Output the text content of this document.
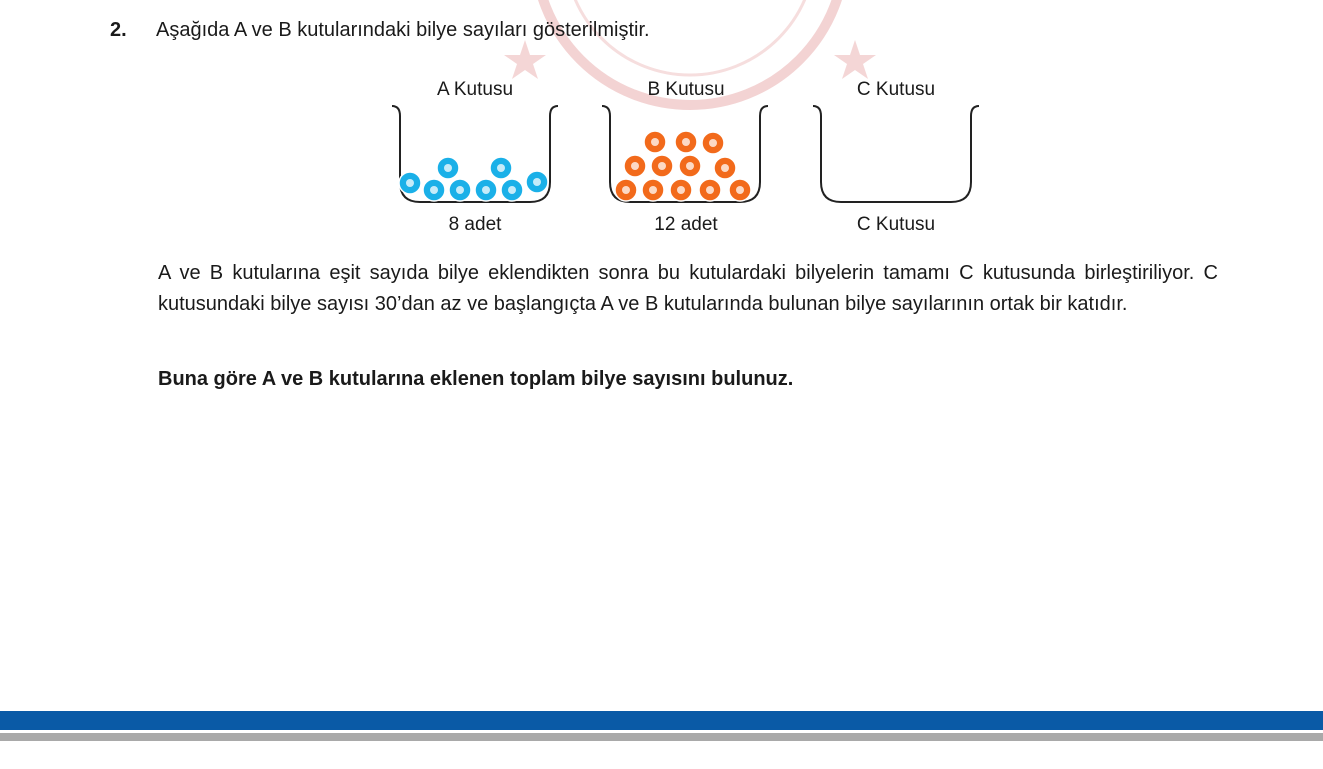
2. Aşağıda A ve B kutularındaki bilye sayıları gösterilmiştir.
A Kutusu	B Kutusu	C Kutusu
8 adet	12 adet	C Kutusu

A ve B kutularına eşit sayıda bilye eklendikten sonra bu kutulardaki bilyelerin tamamı C kutusunda birleştiriliyor. C kutusundaki bilye sayısı 30’dan az ve başlangıçta A ve B kutularında bulunan bilye sayılarının ortak bir katıdır.

Buna göre A ve B kutularına eklenen toplam bilye sayısını bulunuz.
